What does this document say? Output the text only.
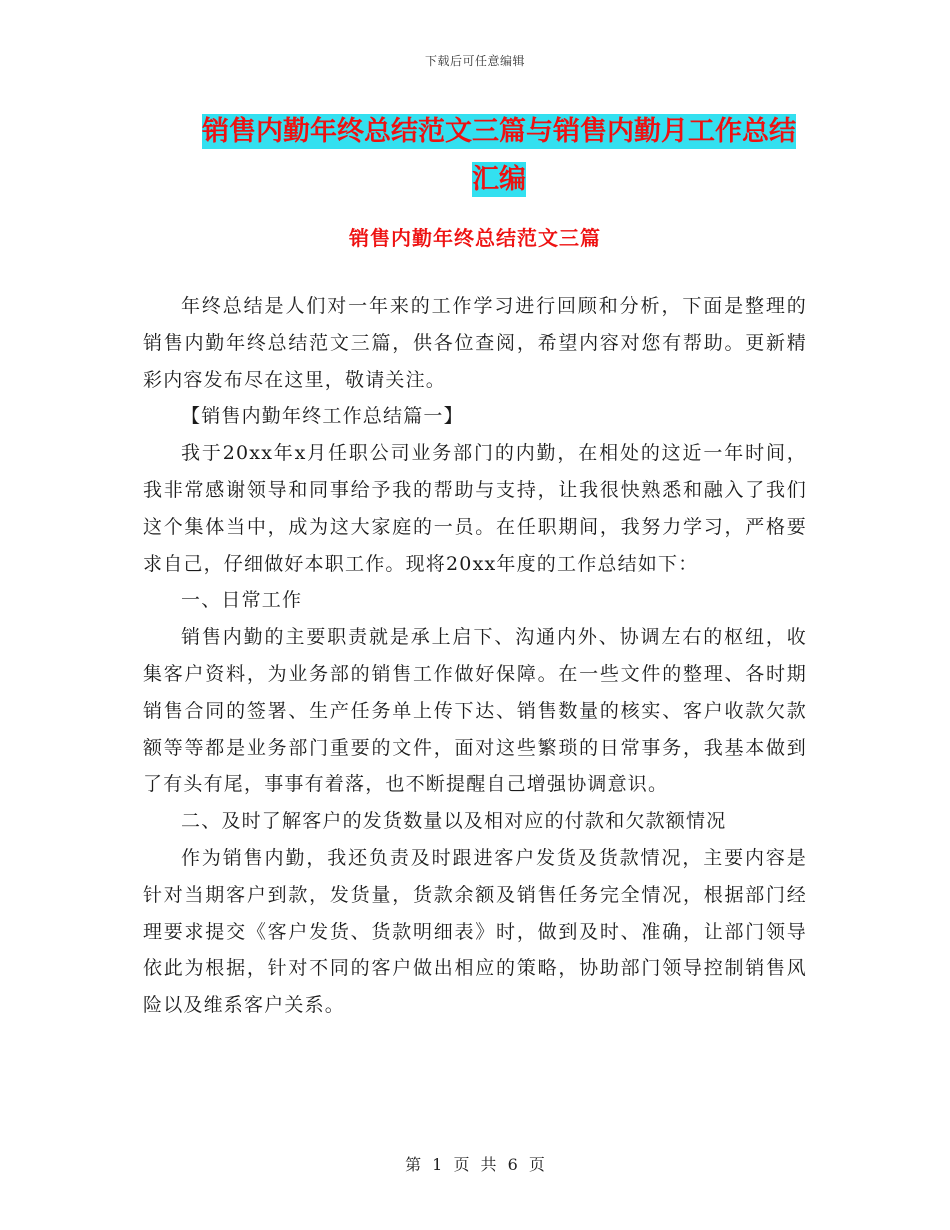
下载后可任意编辑
销售内勤年终总结范文三篇与销售内勤月工作总结汇编
销售内勤年终总结范文三篇

年终总结是人们对一年来的工作学习进行回顾和分析，下面是整理的销售内勤年终总结范文三篇，供各位查阅，希望内容对您有帮助。更新精彩内容发布尽在这里，敬请关注。

【销售内勤年终工作总结篇一】

我于20xx年x月任职公司业务部门的内勤，在相处的这近一年时间，我非常感谢领导和同事给予我的帮助与支持，让我很快熟悉和融入了我们这个集体当中，成为这大家庭的一员。在任职期间，我努力学习，严格要求自己，仔细做好本职工作。现将20xx年度的工作总结如下：

一、日常工作

销售内勤的主要职责就是承上启下、沟通内外、协调左右的枢纽，收集客户资料，为业务部的销售工作做好保障。在一些文件的整理、各时期销售合同的签署、生产任务单上传下达、销售数量的核实、客户收款欠款额等等都是业务部门重要的文件，面对这些繁琐的日常事务，我基本做到了有头有尾，事事有着落，也不断提醒自己增强协调意识。

二、及时了解客户的发货数量以及相对应的付款和欠款额情况

作为销售内勤，我还负责及时跟进客户发货及货款情况，主要内容是针对当期客户到款，发货量，货款余额及销售任务完全情况，根据部门经理要求提交《客户发货、货款明细表》时，做到及时、准确，让部门领导依此为根据，针对不同的客户做出相应的策略，协助部门领导控制销售风险以及维系客户关系。

第 1 页 共 6 页
